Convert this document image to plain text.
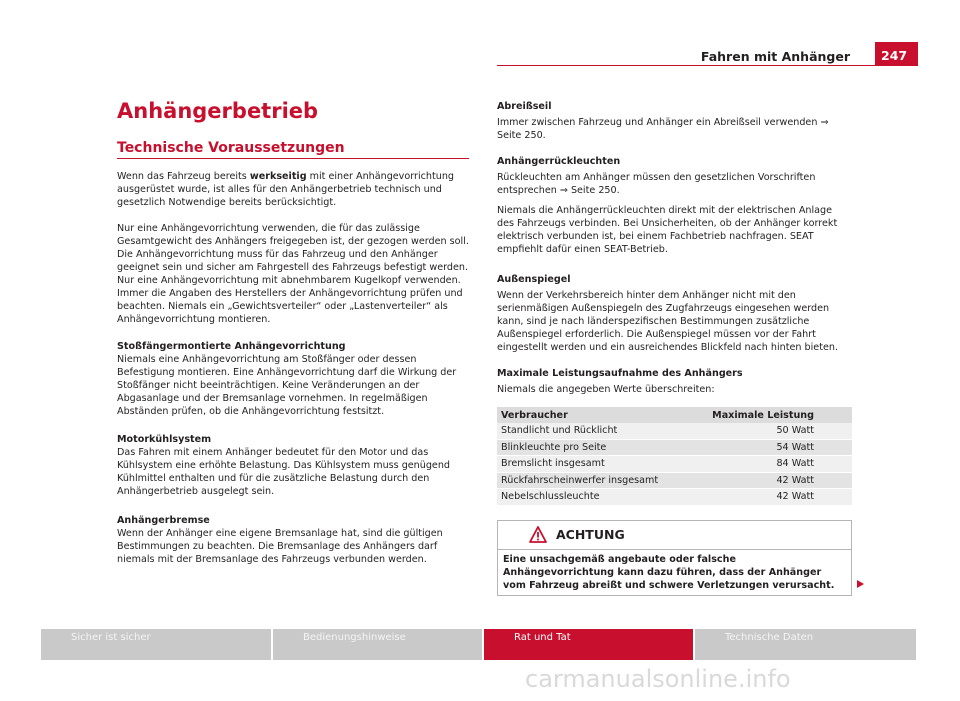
Fahren mit Anhänger	247
Anhängerbetrieb
Technische Voraussetzungen

Wenn das Fahrzeug bereits werkseitig mit einer Anhängevorrichtung ausgerüstet wurde, ist alles für den Anhängerbetrieb technisch und gesetzlich Notwendige bereits berücksichtigt.

Nur eine Anhängevorrichtung verwenden, die für das zulässige Gesamtgewicht des Anhängers freigegeben ist, der gezogen werden soll. Die Anhängevorrichtung muss für das Fahrzeug und den Anhänger geeignet sein und sicher am Fahrgestell des Fahrzeugs befestigt werden. Nur eine Anhängevorrichtung mit abnehmbarem Kugelkopf verwenden. Immer die Angaben des Herstellers der Anhängevorrichtung prüfen und beachten. Niemals ein „Gewichtsverteiler“ oder „Lastenverteiler“ als Anhängevorrichtung montieren.

Stoßfängermontierte Anhängevorrichtung

Niemals eine Anhängevorrichtung am Stoßfänger oder dessen Befestigung montieren. Eine Anhängevorrichtung darf die Wirkung der Stoßfänger nicht beeinträchtigen. Keine Veränderungen an der Abgasanlage und der Bremsanlage vornehmen. In regelmäßigen Abständen prüfen, ob die Anhängevorrichtung festsitzt.

Motorkühlsystem

Das Fahren mit einem Anhänger bedeutet für den Motor und das Kühlsystem eine erhöhte Belastung. Das Kühlsystem muss genügend Kühlmittel enthalten und für die zusätzliche Belastung durch den Anhängerbetrieb ausgelegt sein.

Anhängerbremse

Wenn der Anhänger eine eigene Bremsanlage hat, sind die gültigen Bestimmungen zu beachten. Die Bremsanlage des Anhängers darf niemals mit der Bremsanlage des Fahrzeugs verbunden werden.

Abreißseil

Immer zwischen Fahrzeug und Anhänger ein Abreißseil verwenden ⇒ Seite 250.

Anhängerrückleuchten

Rückleuchten am Anhänger müssen den gesetzlichen Vorschriften entsprechen ⇒ Seite 250.

Niemals die Anhängerrückleuchten direkt mit der elektrischen Anlage des Fahrzeugs verbinden. Bei Unsicherheiten, ob der Anhänger korrekt elektrisch verbunden ist, bei einem Fachbetrieb nachfragen. SEAT empfiehlt dafür einen SEAT-Betrieb.

Außenspiegel

Wenn der Verkehrsbereich hinter dem Anhänger nicht mit den serienmäßigen Außenspiegeln des Zugfahrzeugs eingesehen werden kann, sind je nach länderspezifischen Bestimmungen zusätzliche Außenspiegel erforderlich. Die Außenspiegel müssen vor der Fahrt eingestellt werden und ein ausreichendes Blickfeld nach hinten bieten.

Maximale Leistungsaufnahme des Anhängers

Niemals die angegeben Werte überschreiten:

Verbraucher	Maximale Leistung
Standlicht und Rücklicht	50 Watt
Blinkleuchte pro Seite	54 Watt
Bremslicht insgesamt	84 Watt
Rückfahrscheinwerfer insgesamt	42 Watt
Nebelschlussleuchte	42 Watt
ACHTUNG
Eine unsachgemäß angebaute oder falsche Anhängevorrichtung kann dazu führen, dass der Anhänger vom Fahrzeug abreißt und schwere Verletzungen verursacht.
Sicher ist sicher	Bedienungshinweise	Rat und Tat	Technische Daten
carmanualsonline.info
